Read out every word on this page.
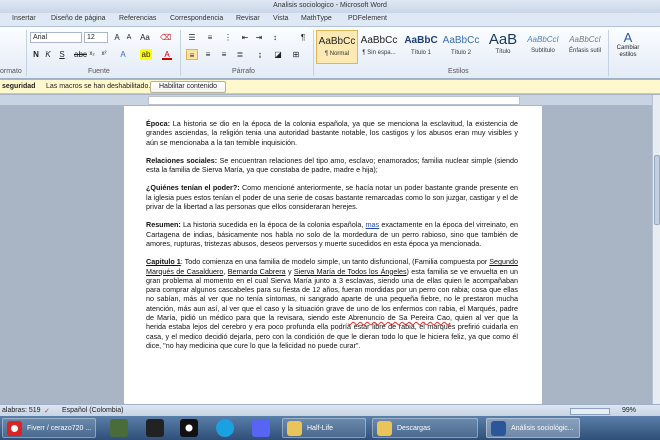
Analisis sociologico - Microsoft Word
Insertar Diseño de página Referencias Correspondencia Revisar Vista MathType PDFelement
ormato
Arial	12	A A	Aa ⌫
N K S abc x₂ x² A ab A
Fuente
☰	≡	⋮ ⇤ ⇥	↕	¶
≡	≡	≡	≣	↨	◪	⊞
Párrafo
AaBbCc
¶ Normal
AaBbCc
¶ Sin espa...
AaBbC
Título 1
AaBbCc
Título 2
AaB
Título
AaBbCcI
Subtítulo
AaBbCcI
Énfasis sutil
Estilos
A
Cambiar estilos
seguridad Las macros se han deshabilitado.	Habilitar contenido

Época: La historia se dio en la época de la colonia española, ya que se menciona la esclavitud, la existencia de grandes asciendas, la religión tenia una autoridad bastante notable, los castigos y los abusos eran muy visibles y aún se mencionaba a la tan temible inquisición.

Relaciones sociales: Se encuentran relaciones del tipo amo, esclavo; enamorados; familia nuclear simple (siendo esta la familia de Sierva María, ya que constaba de padre, madre e hija);

¿Quiénes tenían el poder?: Como mencioné anteriormente, se hacía notar un poder bastante grande presente en la iglesia pues estos tenían el poder de una serie de cosas bastante remarcadas como lo son juzgar, castigar y el de privar de la libertad a las personas que ellos consideraran herejes.

Resumen: La historia sucedida en la época de la colonia española, mas exactamente en la época del virreinato, en Cartagena de indias, básicamente nos habla no solo de la mordedura de un perro rabioso, sino que también de amores, rupturas, tristezas abusos, deseos perversos y muerte sucedidos en esta época ya mencionada.

Capitulo 1: Todo comienza en una familia de modelo simple, un tanto disfuncional, (Familia compuesta por Segundo Marqués de Casalduero, Bernarda Cabrera y Sierva María de Todos los Ángeles) esta familia se ve envuelta en un gran problema al momento en el cual Sierva María junto a 3 esclavas, siendo una de ellas quien le acompañaban para comprar algunos cascabeles para su fiesta de 12 años, fueran mordidas por un perro con rabia; cosa que ellas no sabían, más al ver que no tenía síntomas, ni sangrado aparte de una pequeña fiebre, no le prestaron mucha atención, más aun así, al ver que el caso y la situación grave de uno de los enfermos con rabia, el Marqués, padre de María, pidió un médico para que la revisara, siendo este Abrenuncio de Sa Pereira Cao, quien al ver que la herida estaba lejos del cerebro y era poco profunda ella podría estar libre de rabia, el marqués prefirió cuidarla en casa, y el medico decidió dejarla, pero con la condición de que le dieran todo lo que le hiciera feliz, ya que como él dice, "no hay medicina que cure lo que la felicidad no puede curar".

alabras: 519 ✓ Español (Colombia)	99%
Fiverr / cerazo720 ...	Half-Life	Descargas	Análisis sociológic...
